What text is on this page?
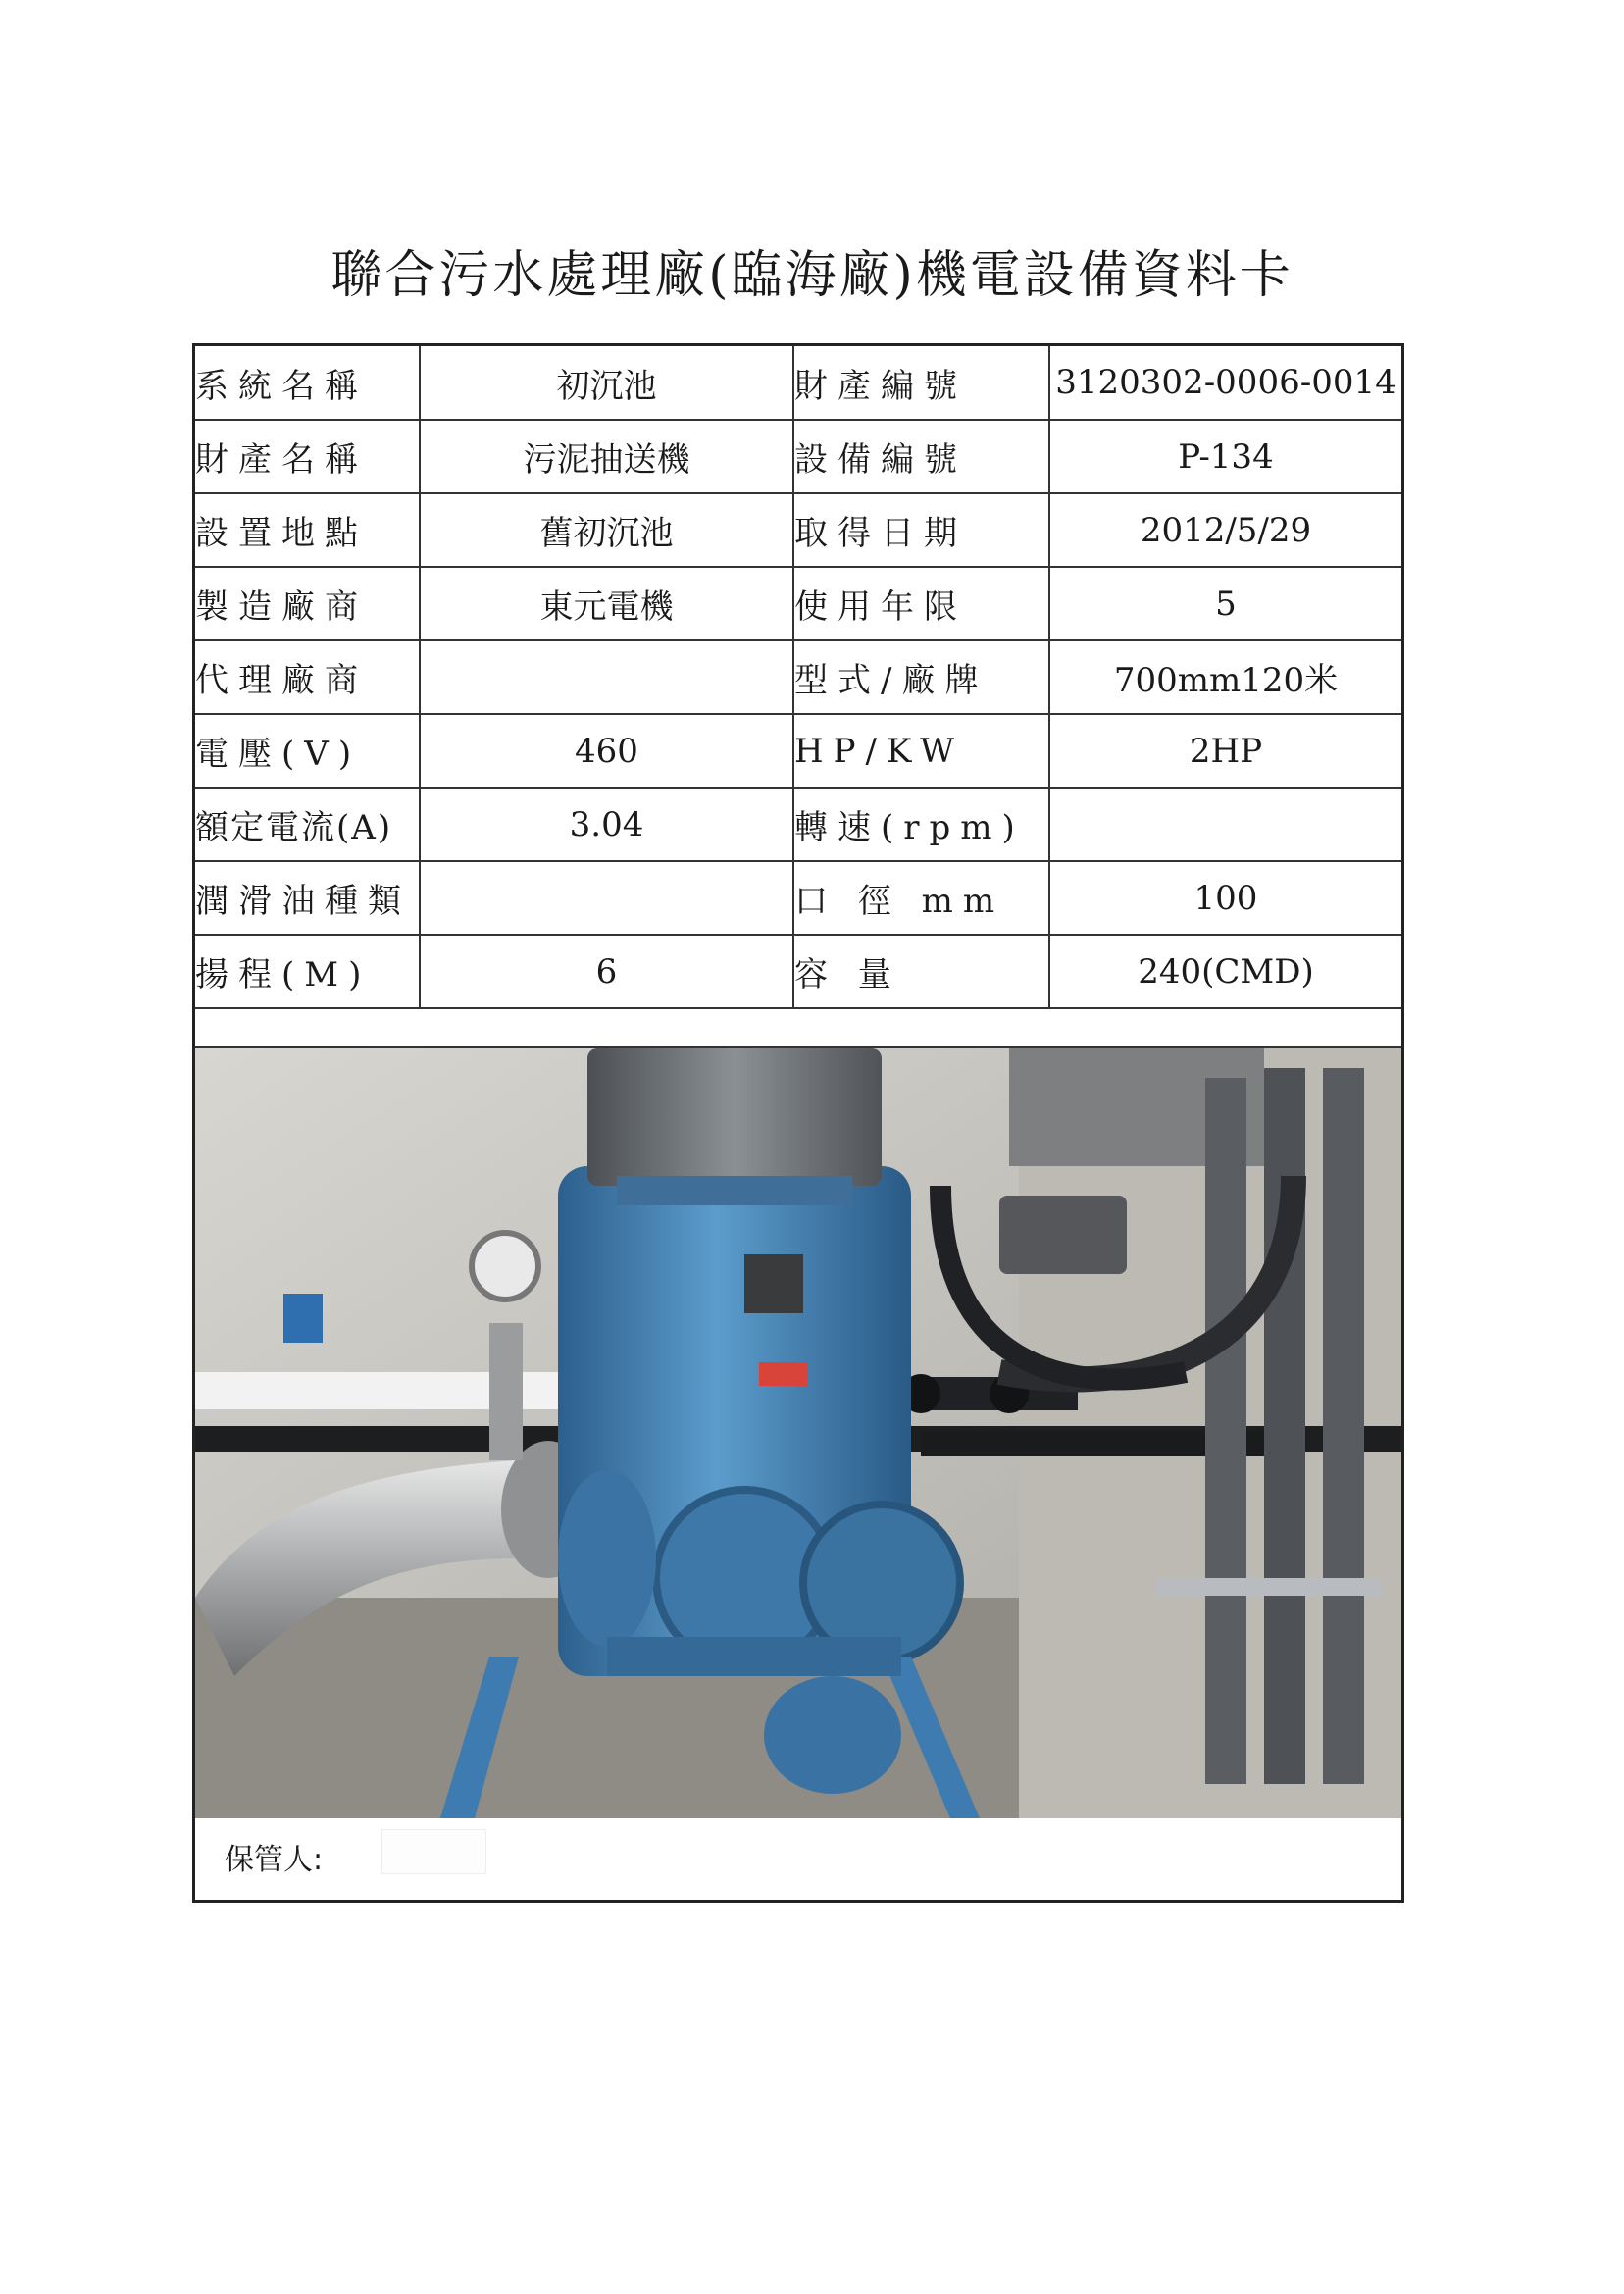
聯合污水處理廠(臨海廠)機電設備資料卡
系統名稱	初沉池	財產編號	3120302-0006-0014
財產名稱	污泥抽送機	設備編號	P-134
設置地點	舊初沉池	取得日期	2012/5/29
製造廠商	東元電機	使用年限	5
代理廠商		型式/廠牌	700mm120米
電壓(V)	460	HP/KW	2HP
額定電流(A)	3.04	轉速(rpm)	
潤滑油種類		口 徑 mm	100
揚程(M)	6	容 量	240(CMD)
保管人:
